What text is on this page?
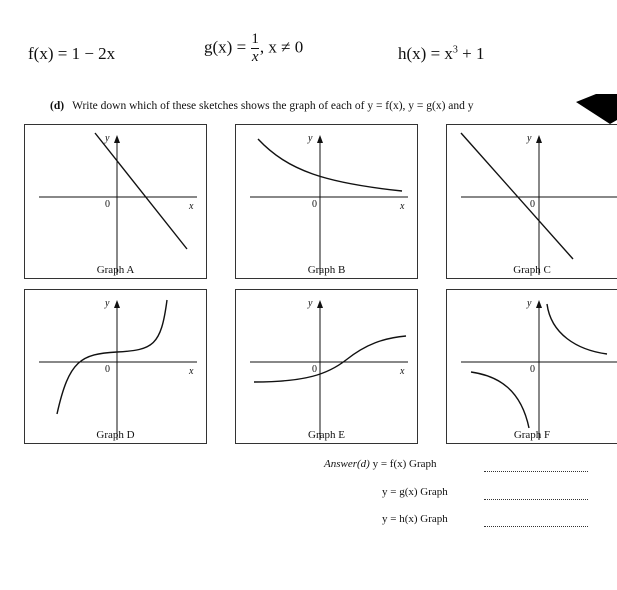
f(x) = 1 − 2x	$g(x) = \frac{1}{x}$ , x ≠ 0	$h(x) = x^3 + 1$
(d) Write down which of these sketches shows the graph of each of y = f(x), y = g(x) and y
y
x
0
Graph A
y
x
0
Graph B
y
0
Graph C
y
x
0
Graph D
y
x
0
Graph E
y
0
Graph F
Answer(d) y = f(x) Graph
y = g(x) Graph
y = h(x) Graph
